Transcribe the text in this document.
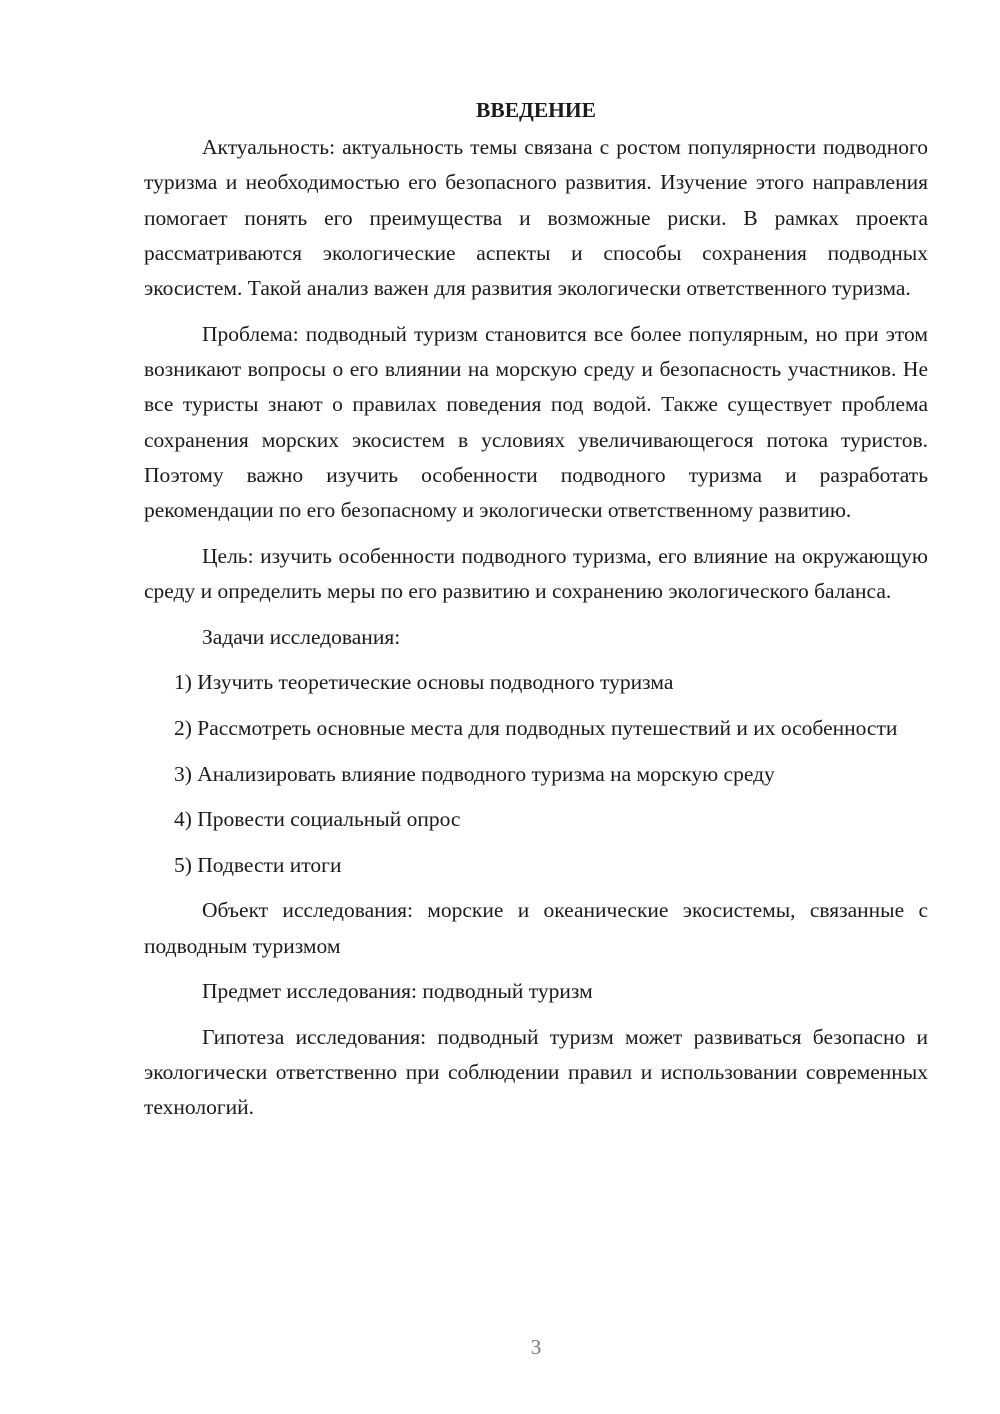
ВВЕДЕНИЕ

Актуальность: актуальность темы связана с ростом популярности подводного туризма и необходимостью его безопасного развития. Изучение этого направления помогает понять его преимущества и возможные риски. В рамках проекта рассматриваются экологические аспекты и способы сохранения подводных экосистем. Такой анализ важен для развития экологически ответственного туризма.

Проблема: подводный туризм становится все более популярным, но при этом возникают вопросы о его влиянии на морскую среду и безопасность участников. Не все туристы знают о правилах поведения под водой. Также существует проблема сохранения морских экосистем в условиях увеличивающегося потока туристов. Поэтому важно изучить особенности подводного туризма и разработать рекомендации по его безопасному и экологически ответственному развитию.

Цель: изучить особенности подводного туризма, его влияние на окружающую среду и определить меры по его развитию и сохранению экологического баланса.

Задачи исследования:

1) Изучить теоретические основы подводного туризма

2) Рассмотреть основные места для подводных путешествий и их особенности

3) Анализировать влияние подводного туризма на морскую среду

4) Провести социальный опрос

5) Подвести итоги

Объект исследования: морские и океанические экосистемы, связанные с подводным туризмом

Предмет исследования: подводный туризм

Гипотеза исследования: подводный туризм может развиваться безопасно и экологически ответственно при соблюдении правил и использовании современных технологий.

3
